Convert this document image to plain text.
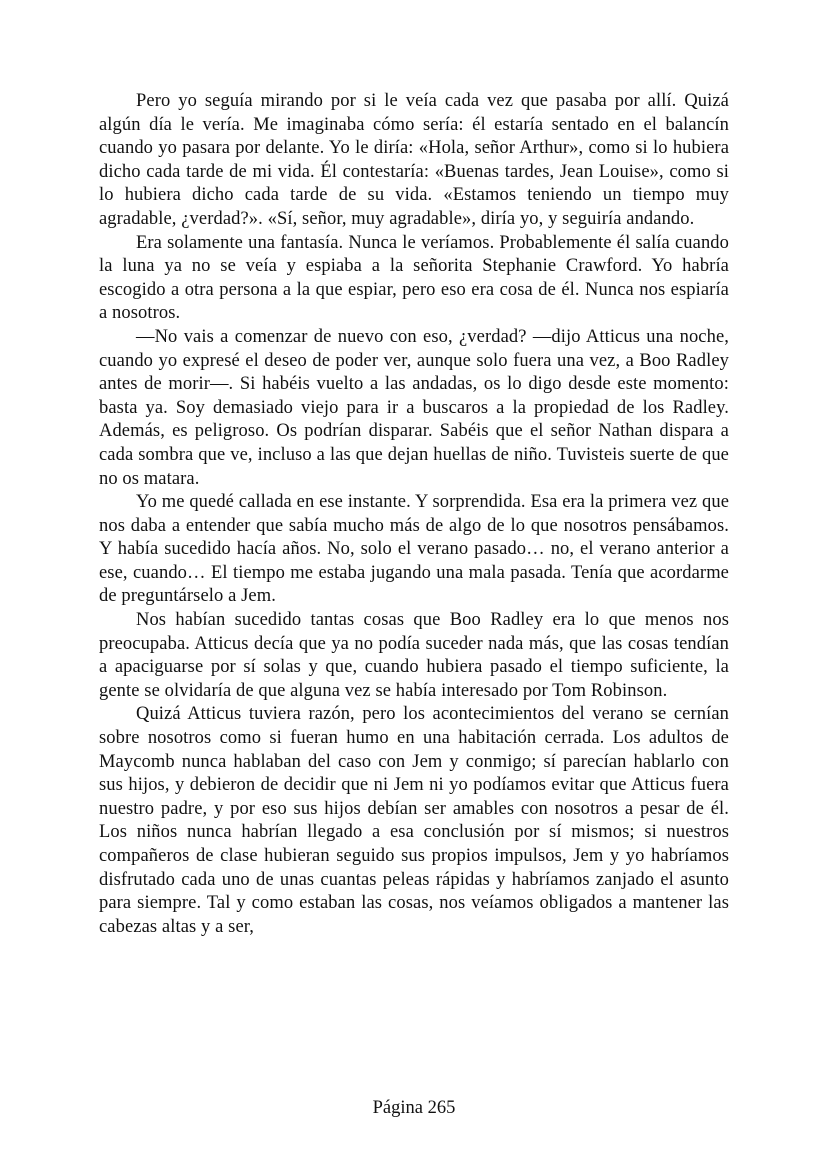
Pero yo seguía mirando por si le veía cada vez que pasaba por allí. Quizá algún día le vería. Me imaginaba cómo sería: él estaría sentado en el balancín cuando yo pasara por delante. Yo le diría: «Hola, señor Arthur», como si lo hubiera dicho cada tarde de mi vida. Él contestaría: «Buenas tardes, Jean Louise», como si lo hubiera dicho cada tarde de su vida. «Estamos teniendo un tiempo muy agradable, ¿verdad?». «Sí, señor, muy agradable», diría yo, y seguiría andando.

Era solamente una fantasía. Nunca le veríamos. Probablemente él salía cuando la luna ya no se veía y espiaba a la señorita Stephanie Crawford. Yo habría escogido a otra persona a la que espiar, pero eso era cosa de él. Nunca nos espiaría a nosotros.

—No vais a comenzar de nuevo con eso, ¿verdad? —dijo Atticus una noche, cuando yo expresé el deseo de poder ver, aunque solo fuera una vez, a Boo Radley antes de morir—. Si habéis vuelto a las andadas, os lo digo desde este momento: basta ya. Soy demasiado viejo para ir a buscaros a la propiedad de los Radley. Además, es peligroso. Os podrían disparar. Sabéis que el señor Nathan dispara a cada sombra que ve, incluso a las que dejan huellas de niño. Tuvisteis suerte de que no os matara.

Yo me quedé callada en ese instante. Y sorprendida. Esa era la primera vez que nos daba a entender que sabía mucho más de algo de lo que nosotros pensábamos. Y había sucedido hacía años. No, solo el verano pasado… no, el verano anterior a ese, cuando… El tiempo me estaba jugando una mala pasada. Tenía que acordarme de preguntárselo a Jem.

Nos habían sucedido tantas cosas que Boo Radley era lo que menos nos preocupaba. Atticus decía que ya no podía suceder nada más, que las cosas tendían a apaciguarse por sí solas y que, cuando hubiera pasado el tiempo suficiente, la gente se olvidaría de que alguna vez se había interesado por Tom Robinson.

Quizá Atticus tuviera razón, pero los acontecimientos del verano se cernían sobre nosotros como si fueran humo en una habitación cerrada. Los adultos de Maycomb nunca hablaban del caso con Jem y conmigo; sí parecían hablarlo con sus hijos, y debieron de decidir que ni Jem ni yo podíamos evitar que Atticus fuera nuestro padre, y por eso sus hijos debían ser amables con nosotros a pesar de él. Los niños nunca habrían llegado a esa conclusión por sí mismos; si nuestros compañeros de clase hubieran seguido sus propios impulsos, Jem y yo habríamos disfrutado cada uno de unas cuantas peleas rápidas y habríamos zanjado el asunto para siempre. Tal y como estaban las cosas, nos veíamos obligados a mantener las cabezas altas y a ser,

Página 265
